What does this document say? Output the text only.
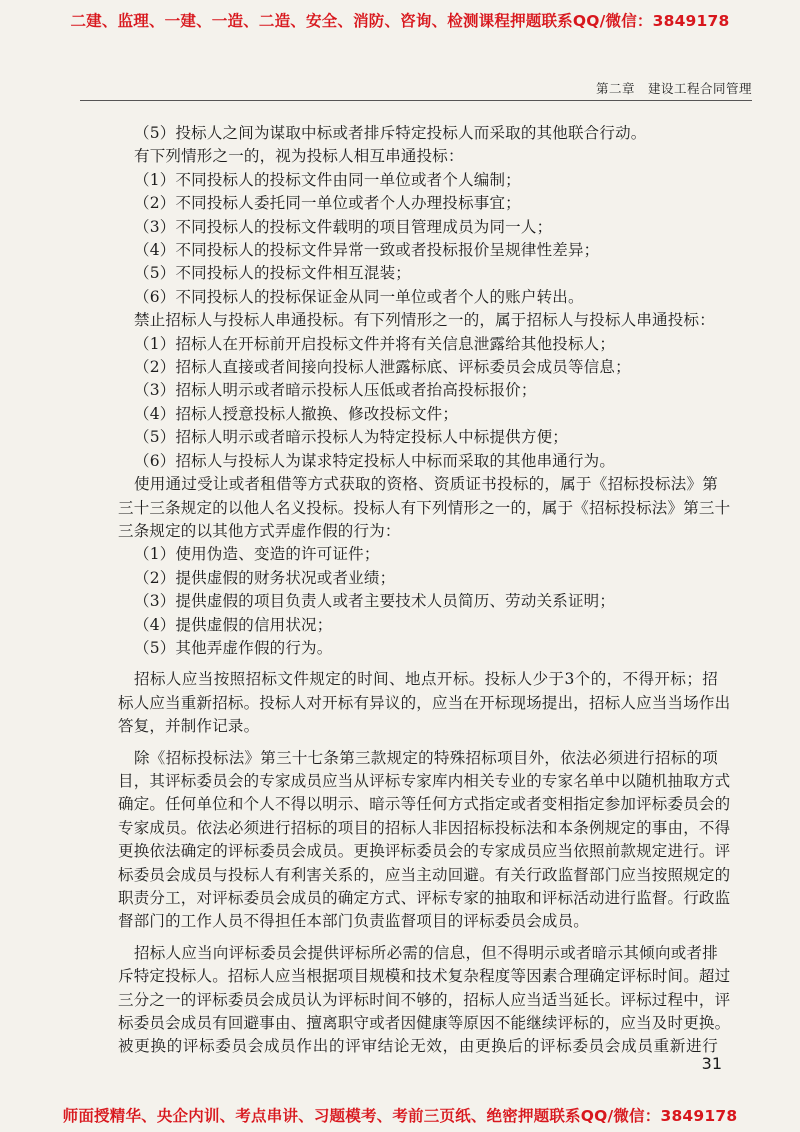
二建、监理、一建、一造、二造、安全、消防、咨询、检测课程押题联系QQ/微信：3849178
第二章　建设工程合同管理
（5）投标人之间为谋取中标或者排斥特定投标人而采取的其他联合行动。
有下列情形之一的，视为投标人相互串通投标：
（1）不同投标人的投标文件由同一单位或者个人编制；
（2）不同投标人委托同一单位或者个人办理投标事宜；
（3）不同投标人的投标文件载明的项目管理成员为同一人；
（4）不同投标人的投标文件异常一致或者投标报价呈规律性差异；
（5）不同投标人的投标文件相互混装；
（6）不同投标人的投标保证金从同一单位或者个人的账户转出。
禁止招标人与投标人串通投标。有下列情形之一的，属于招标人与投标人串通投标：
（1）招标人在开标前开启投标文件并将有关信息泄露给其他投标人；
（2）招标人直接或者间接向投标人泄露标底、评标委员会成员等信息；
（3）招标人明示或者暗示投标人压低或者抬高投标报价；
（4）招标人授意投标人撤换、修改投标文件；
（5）招标人明示或者暗示投标人为特定投标人中标提供方便；
（6）招标人与投标人为谋求特定投标人中标而采取的其他串通行为。
使用通过受让或者租借等方式获取的资格、资质证书投标的，属于《招标投标法》第
三十三条规定的以他人名义投标。投标人有下列情形之一的，属于《招标投标法》第三十
三条规定的以其他方式弄虚作假的行为：
（1）使用伪造、变造的许可证件；
（2）提供虚假的财务状况或者业绩；
（3）提供虚假的项目负责人或者主要技术人员简历、劳动关系证明；
（4）提供虚假的信用状况；
（5）其他弄虚作假的行为。
招标人应当按照招标文件规定的时间、地点开标。投标人少于3个的，不得开标；招
标人应当重新招标。投标人对开标有异议的，应当在开标现场提出，招标人应当当场作出
答复，并制作记录。
除《招标投标法》第三十七条第三款规定的特殊招标项目外，依法必须进行招标的项
目，其评标委员会的专家成员应当从评标专家库内相关专业的专家名单中以随机抽取方式
确定。任何单位和个人不得以明示、暗示等任何方式指定或者变相指定参加评标委员会的
专家成员。依法必须进行招标的项目的招标人非因招标投标法和本条例规定的事由，不得
更换依法确定的评标委员会成员。更换评标委员会的专家成员应当依照前款规定进行。评
标委员会成员与投标人有利害关系的，应当主动回避。有关行政监督部门应当按照规定的
职责分工，对评标委员会成员的确定方式、评标专家的抽取和评标活动进行监督。行政监
督部门的工作人员不得担任本部门负责监督项目的评标委员会成员。
招标人应当向评标委员会提供评标所必需的信息，但不得明示或者暗示其倾向或者排
斥特定投标人。招标人应当根据项目规模和技术复杂程度等因素合理确定评标时间。超过
三分之一的评标委员会成员认为评标时间不够的，招标人应当适当延长。评标过程中，评
标委员会成员有回避事由、擅离职守或者因健康等原因不能继续评标的，应当及时更换。
被更换的评标委员会成员作出的评审结论无效，由更换后的评标委员会成员重新进行
31
师面授精华、央企内训、考点串讲、习题模考、考前三页纸、绝密押题联系QQ/微信：3849178
